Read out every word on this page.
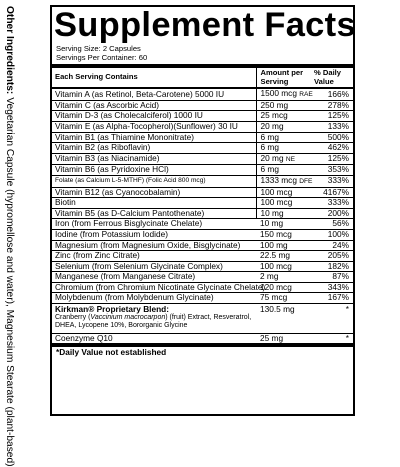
Other Ingredients:Vegetarian Capsule (hypromellose and water), Magnesium Stearate (plant-based)
Supplement Facts
Serving Size: 2 Capsules
Servings Per Container: 60
Each Serving Contains	Amount per Serving	% Daily Value
Vitamin A (as Retinol, Beta-Carotene) 5000 IU	1500 mcg RAE	166%
Vitamin C (as Ascorbic Acid)	250 mg	278%
Vitamin D-3 (as Cholecalciferol) 1000 IU	25 mcg	125%
Vitamin E (as Alpha-Tocopherol)(Sunflower) 30 IU	20 mg	133%
Vitamin B1 (as Thiamine Mononitrate)	6 mg	500%
Vitamin B2 (as Riboflavin)	6 mg	462%
Vitamin B3 (as Niacinamide)	20 mg NE	125%
Vitamin B6 (as Pyridoxine HCl)	6 mg	353%
Folate (as Calcium L-5-MTHF) (Folic Acid 800 mcg)	1333 mcg DFE	333%
Vitamin B12 (as Cyanocobalamin)	100 mcg	4167%
Biotin	100 mcg	333%
Vitamin B5 (as D-Calcium Pantothenate)	10 mg	200%
Iron (from Ferrous Bisglycinate Chelate)	10 mg	56%
Iodine (from Potassium Iodide)	150 mcg	100%
Magnesium (from Magnesium Oxide, Bisglycinate)	100 mg	24%
Zinc (from Zinc Citrate)	22.5 mg	205%
Selenium (from Selenium Glycinate Complex)	100 mcg	182%
Manganese (from Manganese Citrate)	2 mg	87%
Chromium (from Chromium Nicotinate Glycinate Chelate)	120 mcg	343%
Molybdenum (from Molybdenum Glycinate)	75 mcg	167%

Kirkman® Proprietary Blend:
Cranberry (Vaccinium macrocarpon) (fruit) Extract, Resveratrol, DHEA, Lycopene 10%, Bororganic Glycine	130.5 mg	*
Coenzyme Q10	25 mg	*
*Daily Value not established
